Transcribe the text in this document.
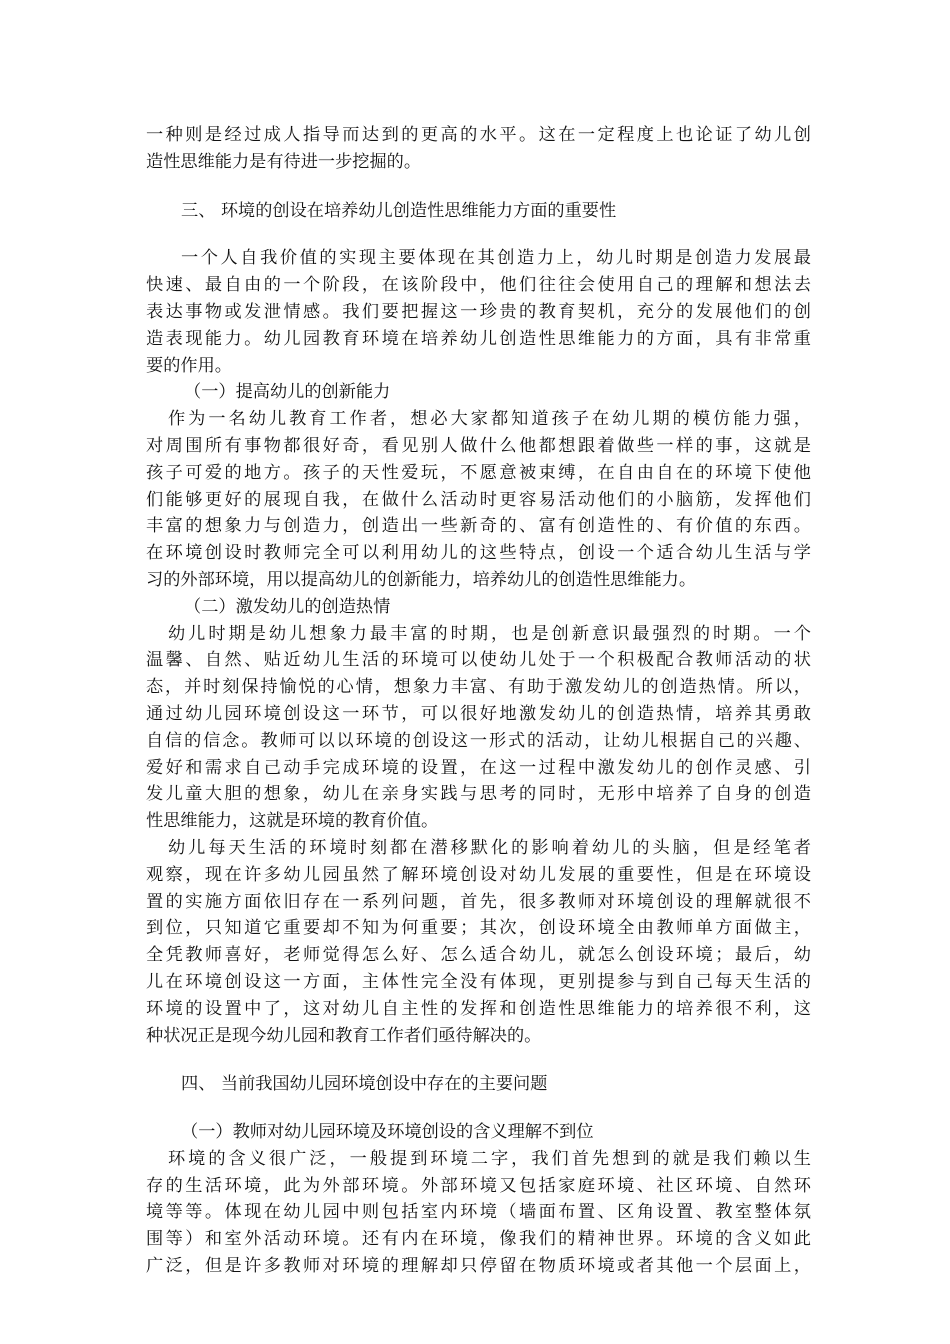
一种则是经过成人指导而达到的更高的水平。这在一定程度上也论证了幼儿创
造性思维能力是有待进一步挖掘的。
三、 环境的创设在培养幼儿创造性思维能力方面的重要性
一个人自我价值的实现主要体现在其创造力上，幼儿时期是创造力发展最
快速、最自由的一个阶段，在该阶段中，他们往往会使用自己的理解和想法去
表达事物或发泄情感。我们要把握这一珍贵的教育契机，充分的发展他们的创
造表现能力。幼儿园教育环境在培养幼儿创造性思维能力的方面，具有非常重
要的作用。
（一）提高幼儿的创新能力
作为一名幼儿教育工作者，想必大家都知道孩子在幼儿期的模仿能力强，
对周围所有事物都很好奇，看见别人做什么他都想跟着做些一样的事，这就是
孩子可爱的地方。孩子的天性爱玩，不愿意被束缚，在自由自在的环境下使他
们能够更好的展现自我，在做什么活动时更容易活动他们的小脑筋，发挥他们
丰富的想象力与创造力，创造出一些新奇的、富有创造性的、有价值的东西。
在环境创设时教师完全可以利用幼儿的这些特点，创设一个适合幼儿生活与学
习的外部环境，用以提高幼儿的创新能力，培养幼儿的创造性思维能力。
（二）激发幼儿的创造热情
幼儿时期是幼儿想象力最丰富的时期，也是创新意识最强烈的时期。一个
温馨、自然、贴近幼儿生活的环境可以使幼儿处于一个积极配合教师活动的状
态，并时刻保持愉悦的心情，想象力丰富、有助于激发幼儿的创造热情。所以，
通过幼儿园环境创设这一环节，可以很好地激发幼儿的创造热情，培养其勇敢
自信的信念。教师可以以环境的创设这一形式的活动，让幼儿根据自己的兴趣、
爱好和需求自己动手完成环境的设置，在这一过程中激发幼儿的创作灵感、引
发儿童大胆的想象，幼儿在亲身实践与思考的同时，无形中培养了自身的创造
性思维能力，这就是环境的教育价值。
幼儿每天生活的环境时刻都在潜移默化的影响着幼儿的头脑，但是经笔者
观察，现在许多幼儿园虽然了解环境创设对幼儿发展的重要性，但是在环境设
置的实施方面依旧存在一系列问题，首先，很多教师对环境创设的理解就很不
到位，只知道它重要却不知为何重要；其次，创设环境全由教师单方面做主，
全凭教师喜好，老师觉得怎么好、怎么适合幼儿，就怎么创设环境；最后，幼
儿在环境创设这一方面，主体性完全没有体现，更别提参与到自己每天生活的
环境的设置中了，这对幼儿自主性的发挥和创造性思维能力的培养很不利，这
种状况正是现今幼儿园和教育工作者们亟待解决的。
四、 当前我国幼儿园环境创设中存在的主要问题
（一）教师对幼儿园环境及环境创设的含义理解不到位
环境的含义很广泛，一般提到环境二字，我们首先想到的就是我们赖以生
存的生活环境，此为外部环境。外部环境又包括家庭环境、社区环境、自然环
境等等。体现在幼儿园中则包括室内环境（墙面布置、区角设置、教室整体氛
围等）和室外活动环境。还有内在环境，像我们的精神世界。环境的含义如此
广泛，但是许多教师对环境的理解却只停留在物质环境或者其他一个层面上，
